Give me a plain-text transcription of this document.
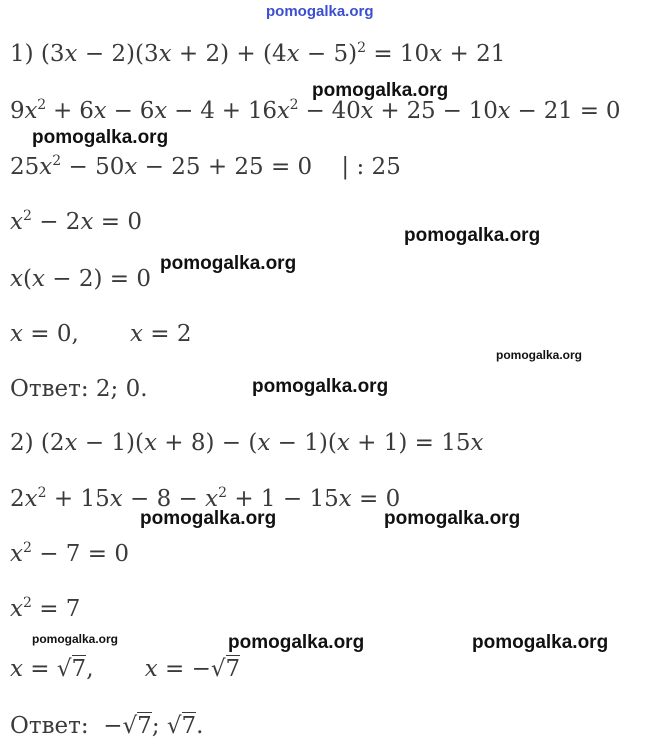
1) $(3x - 2)(3x + 2) + (4x - 5)^2 = 10x + 21$
$9x^2 + 6x - 6x - 4 + 16x^2 - 40x + 25 - 10x - 21 = 0$
$25x^2 - 50x - 25 + 25 = 0$    | : 25
$x^2 - 2x = 0$
x(x − 2) = 0
x = 0,       x = 2
Ответ: 2; 0.
2) (2x − 1)(x + 8) − (x − 1)(x + 1) = 15x
$2x^2 + 15x - 8 - x^2 + 1 - 15x = 0$
$x^2 - 7 = 0$
$x^2 = 7$
x = √7,       x = −√7
Ответ:  −√7; √7.
pomogalka.org
pomogalka.org
pomogalka.org
pomogalka.org
pomogalka.org
pomogalka.org
pomogalka.org
pomogalka.org	pomogalka.org
pomogalka.org	pomogalka.org	pomogalka.org
